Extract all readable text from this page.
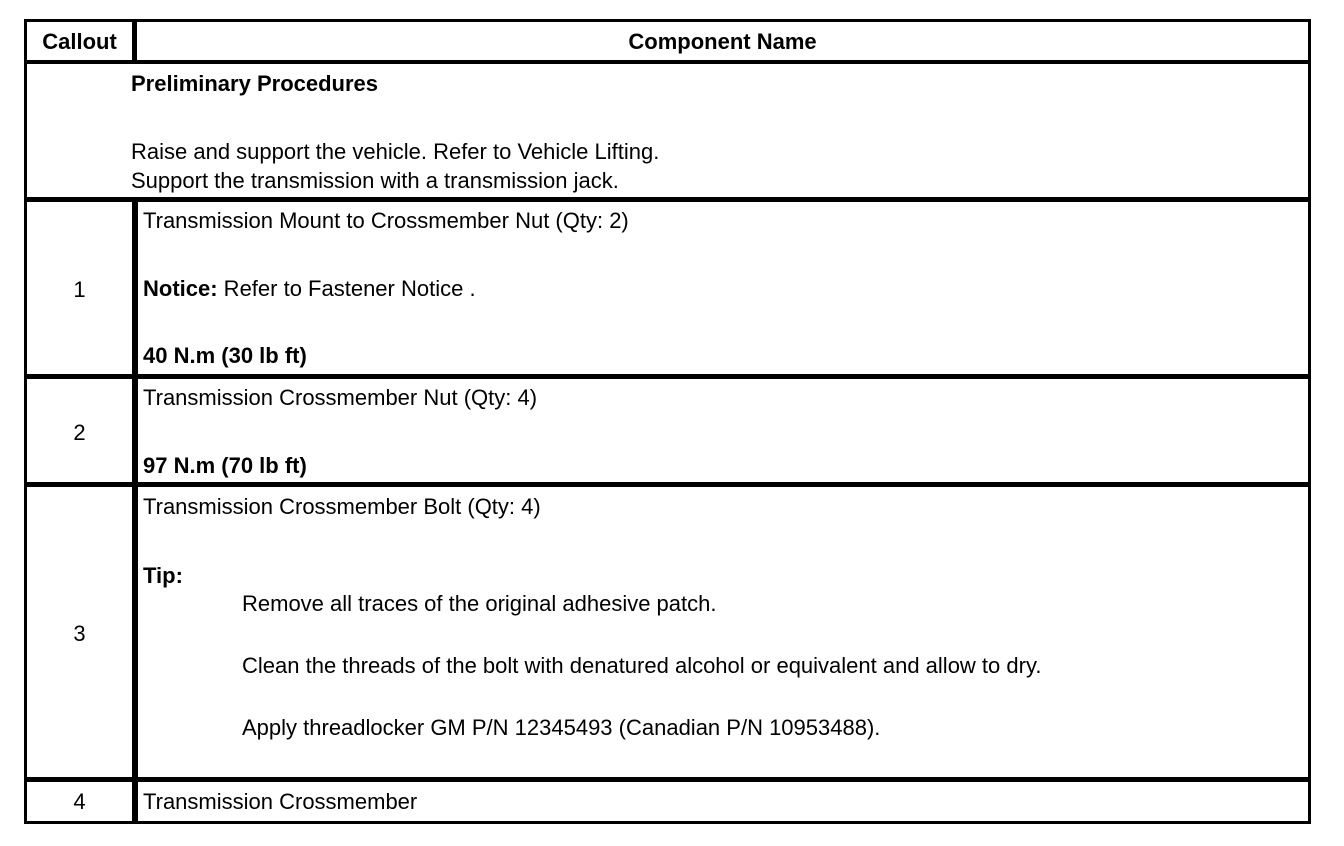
Callout	Component Name
Preliminary Procedures
Raise and support the vehicle. Refer to Vehicle Lifting.
Support the transmission with a transmission jack.
1
Transmission Mount to Crossmember Nut (Qty: 2)
Notice: Refer to Fastener Notice .
40 N.m (30 lb ft)
2
Transmission Crossmember Nut (Qty: 4)
97 N.m (70 lb ft)
3
Transmission Crossmember Bolt (Qty: 4)
Tip:
Remove all traces of the original adhesive patch.
Clean the threads of the bolt with denatured alcohol or equivalent and allow to dry.
Apply threadlocker GM P/N 12345493 (Canadian P/N 10953488).
4	Transmission Crossmember
